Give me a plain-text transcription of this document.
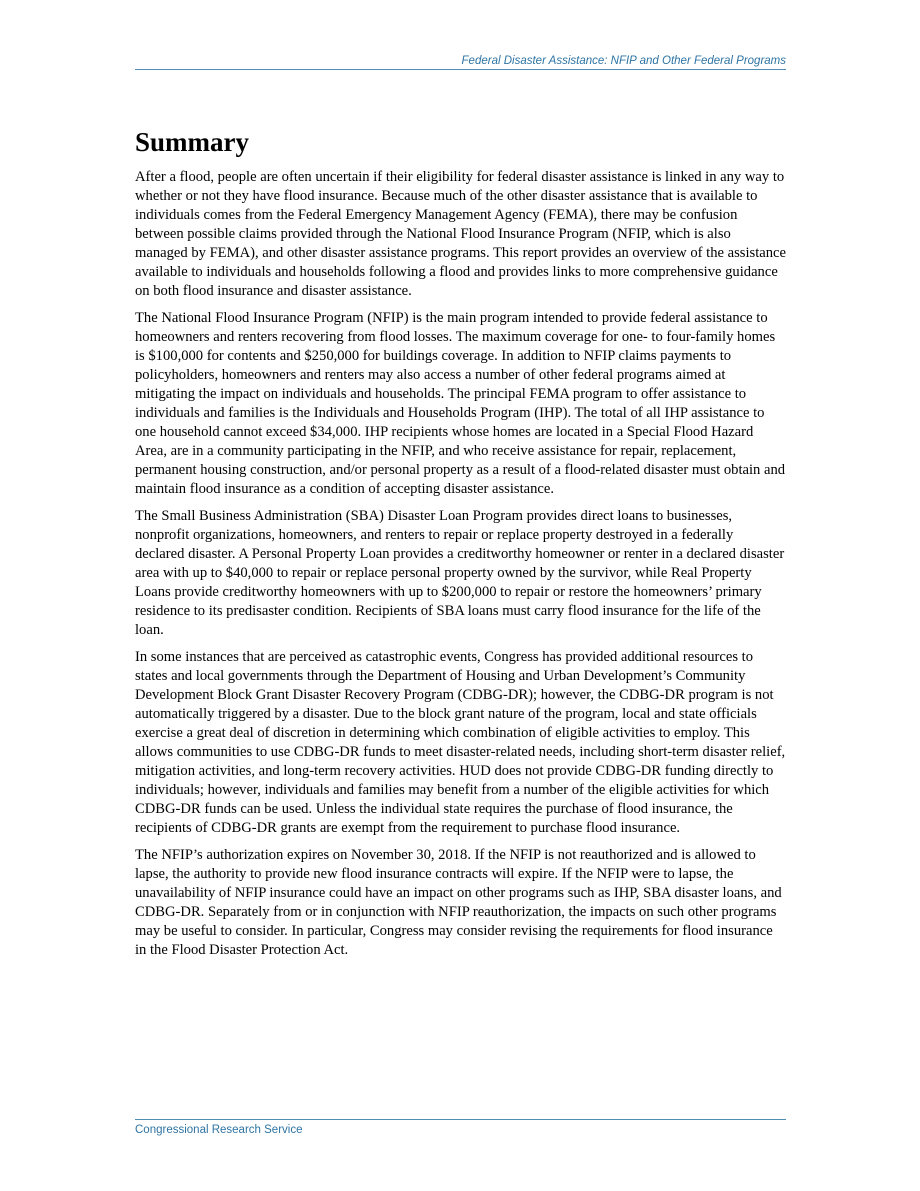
Federal Disaster Assistance: NFIP and Other Federal Programs
Summary

After a flood, people are often uncertain if their eligibility for federal disaster assistance is linked in any way to whether or not they have flood insurance. Because much of the other disaster assistance that is available to individuals comes from the Federal Emergency Management Agency (FEMA), there may be confusion between possible claims provided through the National Flood Insurance Program (NFIP, which is also managed by FEMA), and other disaster assistance programs. This report provides an overview of the assistance available to individuals and households following a flood and provides links to more comprehensive guidance on both flood insurance and disaster assistance.

The National Flood Insurance Program (NFIP) is the main program intended to provide federal assistance to homeowners and renters recovering from flood losses. The maximum coverage for one- to four-family homes is $100,000 for contents and $250,000 for buildings coverage. In addition to NFIP claims payments to policyholders, homeowners and renters may also access a number of other federal programs aimed at mitigating the impact on individuals and households. The principal FEMA program to offer assistance to individuals and families is the Individuals and Households Program (IHP). The total of all IHP assistance to one household cannot exceed $34,000. IHP recipients whose homes are located in a Special Flood Hazard Area, are in a community participating in the NFIP, and who receive assistance for repair, replacement, permanent housing construction, and/or personal property as a result of a flood-related disaster must obtain and maintain flood insurance as a condition of accepting disaster assistance.

The Small Business Administration (SBA) Disaster Loan Program provides direct loans to businesses, nonprofit organizations, homeowners, and renters to repair or replace property destroyed in a federally declared disaster. A Personal Property Loan provides a creditworthy homeowner or renter in a declared disaster area with up to $40,000 to repair or replace personal property owned by the survivor, while Real Property Loans provide creditworthy homeowners with up to $200,000 to repair or restore the homeowners’ primary residence to its predisaster condition. Recipients of SBA loans must carry flood insurance for the life of the loan.

In some instances that are perceived as catastrophic events, Congress has provided additional resources to states and local governments through the Department of Housing and Urban Development’s Community Development Block Grant Disaster Recovery Program (CDBG-DR); however, the CDBG-DR program is not automatically triggered by a disaster. Due to the block grant nature of the program, local and state officials exercise a great deal of discretion in determining which combination of eligible activities to employ. This allows communities to use CDBG-DR funds to meet disaster-related needs, including short-term disaster relief, mitigation activities, and long-term recovery activities. HUD does not provide CDBG-DR funding directly to individuals; however, individuals and families may benefit from a number of the eligible activities for which CDBG-DR funds can be used. Unless the individual state requires the purchase of flood insurance, the recipients of CDBG-DR grants are exempt from the requirement to purchase flood insurance.

The NFIP’s authorization expires on November 30, 2018. If the NFIP is not reauthorized and is allowed to lapse, the authority to provide new flood insurance contracts will expire. If the NFIP were to lapse, the unavailability of NFIP insurance could have an impact on other programs such as IHP, SBA disaster loans, and CDBG-DR. Separately from or in conjunction with NFIP reauthorization, the impacts on such other programs may be useful to consider. In particular, Congress may consider revising the requirements for flood insurance in the Flood Disaster Protection Act.

Congressional Research Service
